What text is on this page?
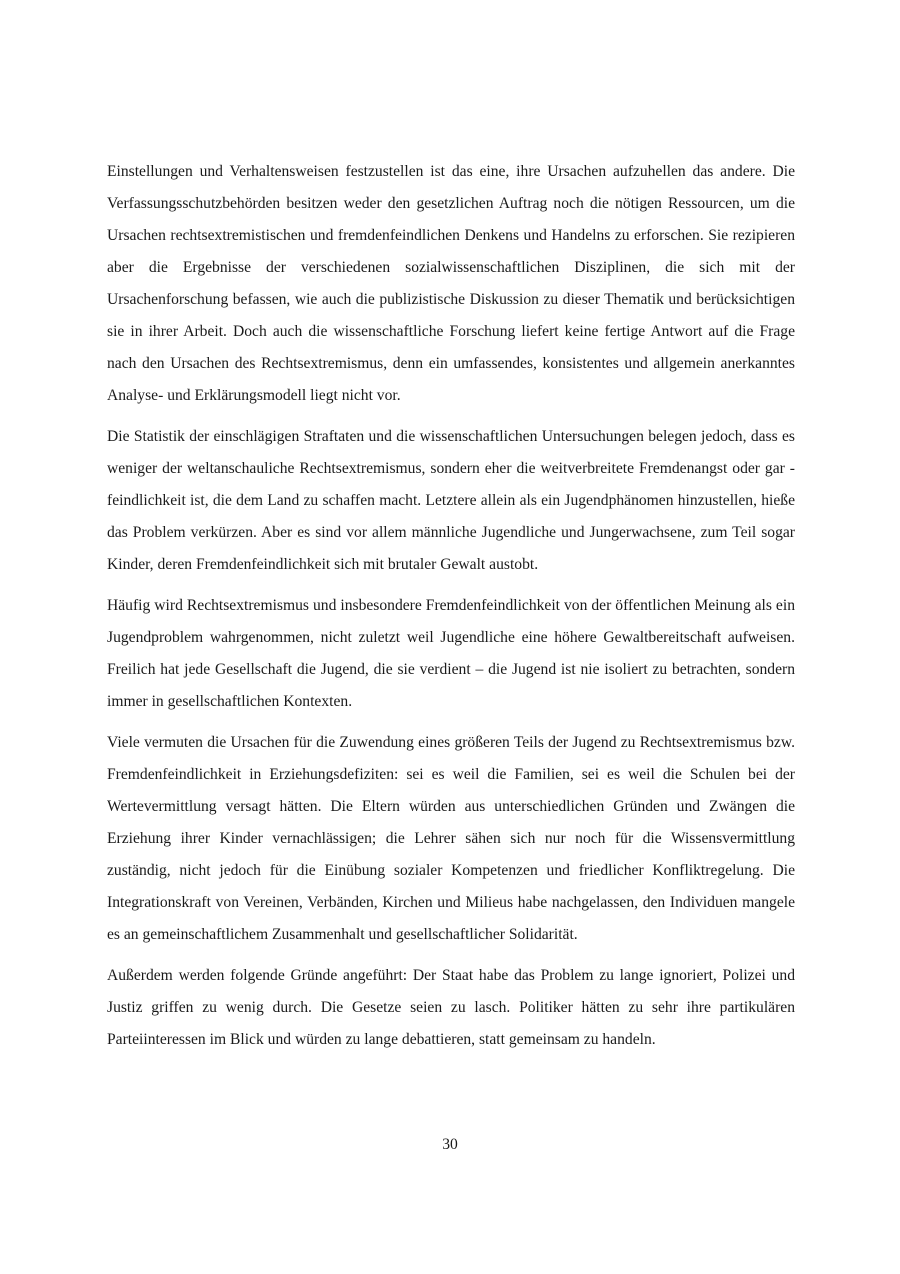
Einstellungen und Verhaltensweisen festzustellen ist das eine, ihre Ursachen aufzuhellen das andere. Die Verfassungsschutzbehörden besitzen weder den gesetzlichen Auftrag noch die nötigen Ressourcen, um die Ursachen rechtsextremistischen und fremdenfeindlichen Denkens und Handelns zu erforschen. Sie rezipieren aber die Ergebnisse der verschiedenen sozialwissenschaftlichen Disziplinen, die sich mit der Ursachenforschung befassen, wie auch die publizistische Diskussion zu dieser Thematik und berücksichtigen sie in ihrer Arbeit. Doch auch die wissenschaftliche Forschung liefert keine fertige Antwort auf die Frage nach den Ursachen des Rechtsextremismus, denn ein umfassendes, konsistentes und allgemein anerkanntes Analyse- und Erklärungsmodell liegt nicht vor.

Die Statistik der einschlägigen Straftaten und die wissenschaftlichen Untersuchungen belegen jedoch, dass es weniger der weltanschauliche Rechtsextremismus, sondern eher die weitverbreitete Fremdenangst oder gar -feindlichkeit ist, die dem Land zu schaffen macht. Letztere allein als ein Jugendphänomen hinzustellen, hieße das Problem verkürzen. Aber es sind vor allem männliche Jugendliche und Jungerwachsene, zum Teil sogar Kinder, deren Fremdenfeindlichkeit sich mit brutaler Gewalt austobt.

Häufig wird Rechtsextremismus und insbesondere Fremdenfeindlichkeit von der öffentlichen Meinung als ein Jugendproblem wahrgenommen, nicht zuletzt weil Jugendliche eine höhere Gewaltbereitschaft aufweisen. Freilich hat jede Gesellschaft die Jugend, die sie verdient – die Jugend ist nie isoliert zu betrachten, sondern immer in gesellschaftlichen Kontexten.

Viele vermuten die Ursachen für die Zuwendung eines größeren Teils der Jugend zu Rechtsextremismus bzw. Fremdenfeindlichkeit in Erziehungsdefiziten: sei es weil die Familien, sei es weil die Schulen bei der Wertevermittlung versagt hätten. Die Eltern würden aus unterschiedlichen Gründen und Zwängen die Erziehung ihrer Kinder vernachlässigen; die Lehrer sähen sich nur noch für die Wissensvermittlung zuständig, nicht jedoch für die Einübung sozialer Kompetenzen und friedlicher Konfliktregelung. Die Integrationskraft von Vereinen, Verbänden, Kirchen und Milieus habe nachgelassen, den Individuen mangele es an gemeinschaftlichem Zusammenhalt und gesellschaftlicher Solidarität.

Außerdem werden folgende Gründe angeführt: Der Staat habe das Problem zu lange ignoriert, Polizei und Justiz griffen zu wenig durch. Die Gesetze seien zu lasch. Politiker hätten zu sehr ihre partikulären Parteiinteressen im Blick und würden zu lange debattieren, statt gemeinsam zu handeln.

30
